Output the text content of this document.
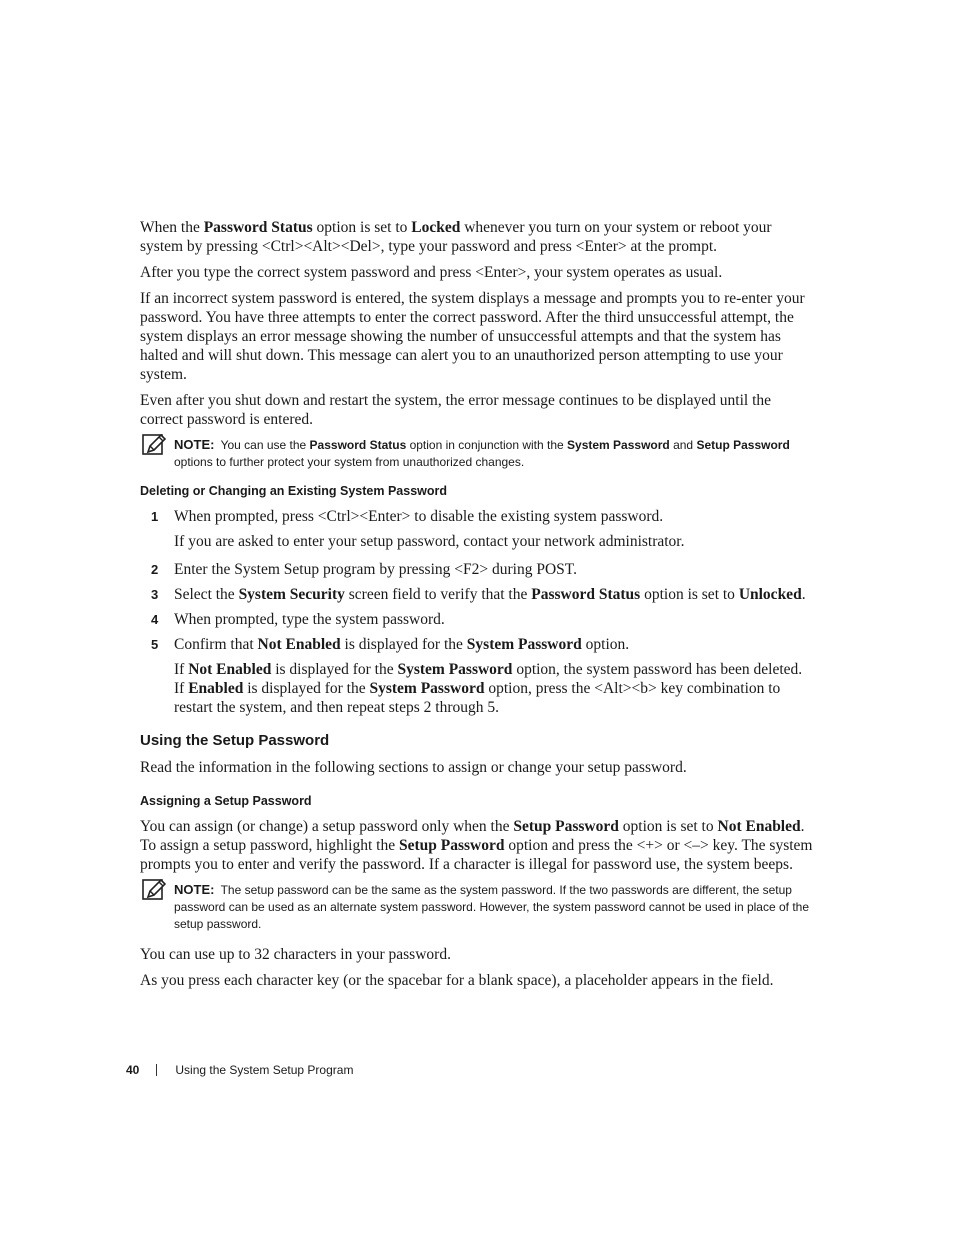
When the Password Status option is set to Locked whenever you turn on your system or reboot your system by pressing <Ctrl><Alt><Del>, type your password and press <Enter> at the prompt.

After you type the correct system password and press <Enter>, your system operates as usual.

If an incorrect system password is entered, the system displays a message and prompts you to re-enter your password. You have three attempts to enter the correct password. After the third unsuccessful attempt, the system displays an error message showing the number of unsuccessful attempts and that the system has halted and will shut down. This message can alert you to an unauthorized person attempting to use your system.

Even after you shut down and restart the system, the error message continues to be displayed until the correct password is entered.

NOTE: You can use the Password Status option in conjunction with the System Password and Setup Password options to further protect your system from unauthorized changes.
Deleting or Changing an Existing System Password
1 When prompted, press <Ctrl><Enter> to disable the existing system password.

If you are asked to enter your setup password, contact your network administrator.

2 Enter the System Setup program by pressing <F2> during POST.
3 Select the System Security screen field to verify that the Password Status option is set to Unlocked.
4 When prompted, type the system password.
5 Confirm that Not Enabled is displayed for the System Password option.

If Not Enabled is displayed for the System Password option, the system password has been deleted. If Enabled is displayed for the System Password option, press the <Alt><b> key combination to restart the system, and then repeat steps 2 through 5.

Using the Setup Password

Read the information in the following sections to assign or change your setup password.

Assigning a Setup Password

You can assign (or change) a setup password only when the Setup Password option is set to Not Enabled. To assign a setup password, highlight the Setup Password option and press the <+> or <–> key. The system prompts you to enter and verify the password. If a character is illegal for password use, the system beeps.

NOTE: The setup password can be the same as the system password. If the two passwords are different, the setup password can be used as an alternate system password. However, the system password cannot be used in place of the setup password.

You can use up to 32 characters in your password.

As you press each character key (or the spacebar for a blank space), a placeholder appears in the field.

40	Using the System Setup Program
